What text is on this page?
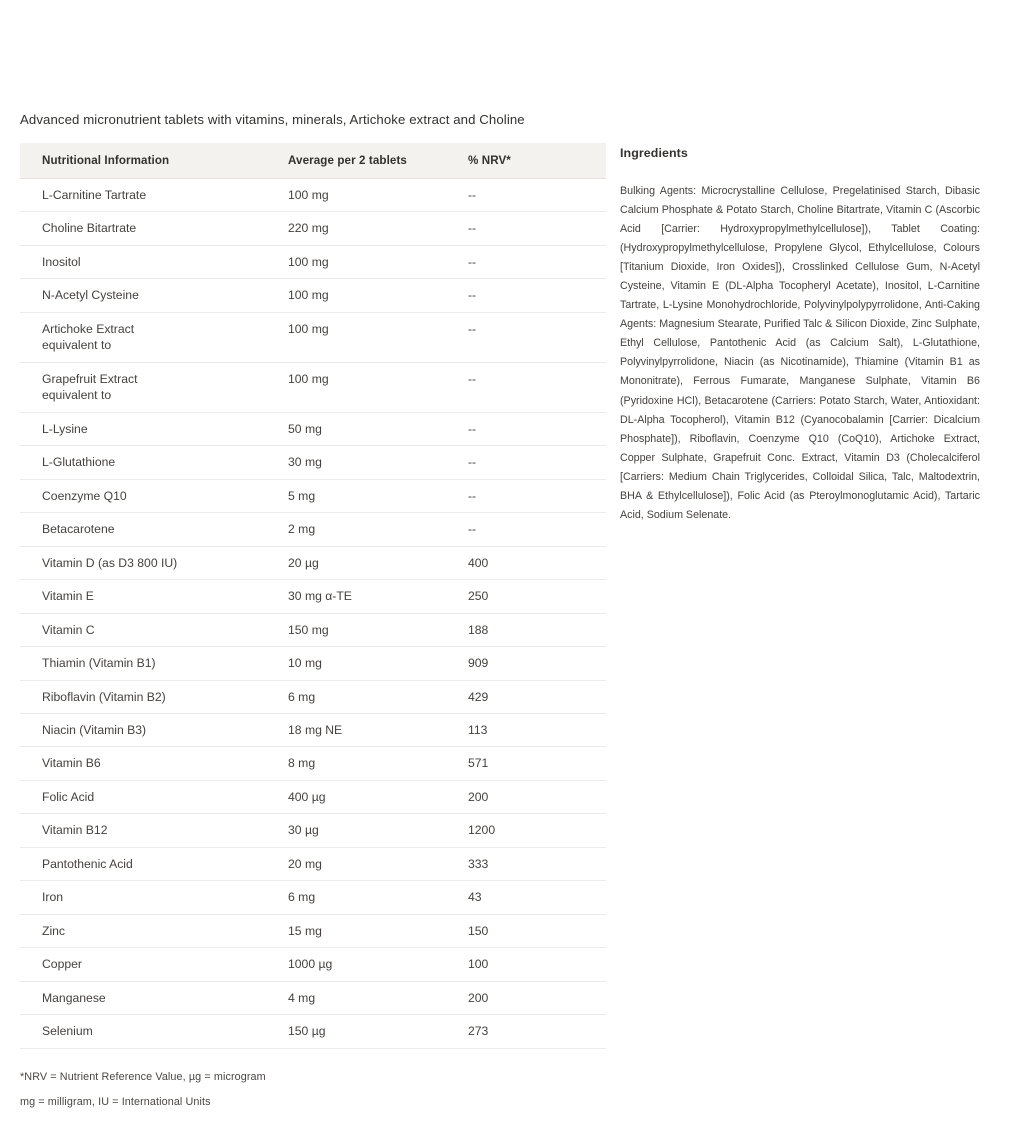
Advanced micronutrient tablets with vitamins, minerals, Artichoke extract and Choline
Nutritional Information	Average per 2 tablets	% NRV*

L-Carnitine Tartrate	100 mg	--

Choline Bitartrate	220 mg	--

Inositol	100 mg	--

N-Acetyl Cysteine	100 mg	--

Artichoke Extract
equivalent to	100 mg	--

Grapefruit Extract
equivalent to	100 mg	--

L-Lysine	50 mg	--

L-Glutathione	30 mg	--

Coenzyme Q10	5 mg	--

Betacarotene	2 mg	--

Vitamin D (as D3 800 IU)	20 µg	400

Vitamin E	30 mg α-TE	250

Vitamin C	150 mg	188

Thiamin (Vitamin B1)	10 mg	909

Riboflavin (Vitamin B2)	6 mg	429

Niacin (Vitamin B3)	18 mg NE	113

Vitamin B6	8 mg	571

Folic Acid	400 µg	200

Vitamin B12	30 µg	1200

Pantothenic Acid	20 mg	333

Iron	6 mg	43

Zinc	15 mg	150

Copper	1000 µg	100

Manganese	4 mg	200

Selenium	150 µg	273
*NRV = Nutrient Reference Value, µg = microgram
mg = milligram, IU = International Units
Ingredients
Bulking Agents: Microcrystalline Cellulose, Pregelatinised Starch, Dibasic Calcium Phosphate & Potato Starch, Choline Bitartrate, Vitamin C (Ascorbic Acid [Carrier: Hydroxypropylmethylcellulose]), Tablet Coating: (Hydroxypropylmethylcellulose, Propylene Glycol, Ethylcellulose, Colours [Titanium Dioxide, Iron Oxides]), Crosslinked Cellulose Gum, N-Acetyl Cysteine, Vitamin E (DL-Alpha Tocopheryl Acetate), Inositol, L-Carnitine Tartrate, L-Lysine Monohydrochloride, Polyvinylpolypyrrolidone, Anti-Caking Agents: Magnesium Stearate, Purified Talc & Silicon Dioxide, Zinc Sulphate, Ethyl Cellulose, Pantothenic Acid (as Calcium Salt), L-Glutathione, Polyvinylpyrrolidone, Niacin (as Nicotinamide), Thiamine (Vitamin B1 as Mononitrate), Ferrous Fumarate, Manganese Sulphate, Vitamin B6 (Pyridoxine HCl), Betacarotene (Carriers: Potato Starch, Water, Antioxidant: DL-Alpha Tocopherol), Vitamin B12 (Cyanocobalamin [Carrier: Dicalcium Phosphate]), Riboflavin, Coenzyme Q10 (CoQ10), Artichoke Extract, Copper Sulphate, Grapefruit Conc. Extract, Vitamin D3 (Cholecalciferol [Carriers: Medium Chain Triglycerides, Colloidal Silica, Talc, Maltodextrin, BHA & Ethylcellulose]), Folic Acid (as Pteroylmonoglutamic Acid), Tartaric Acid, Sodium Selenate.
